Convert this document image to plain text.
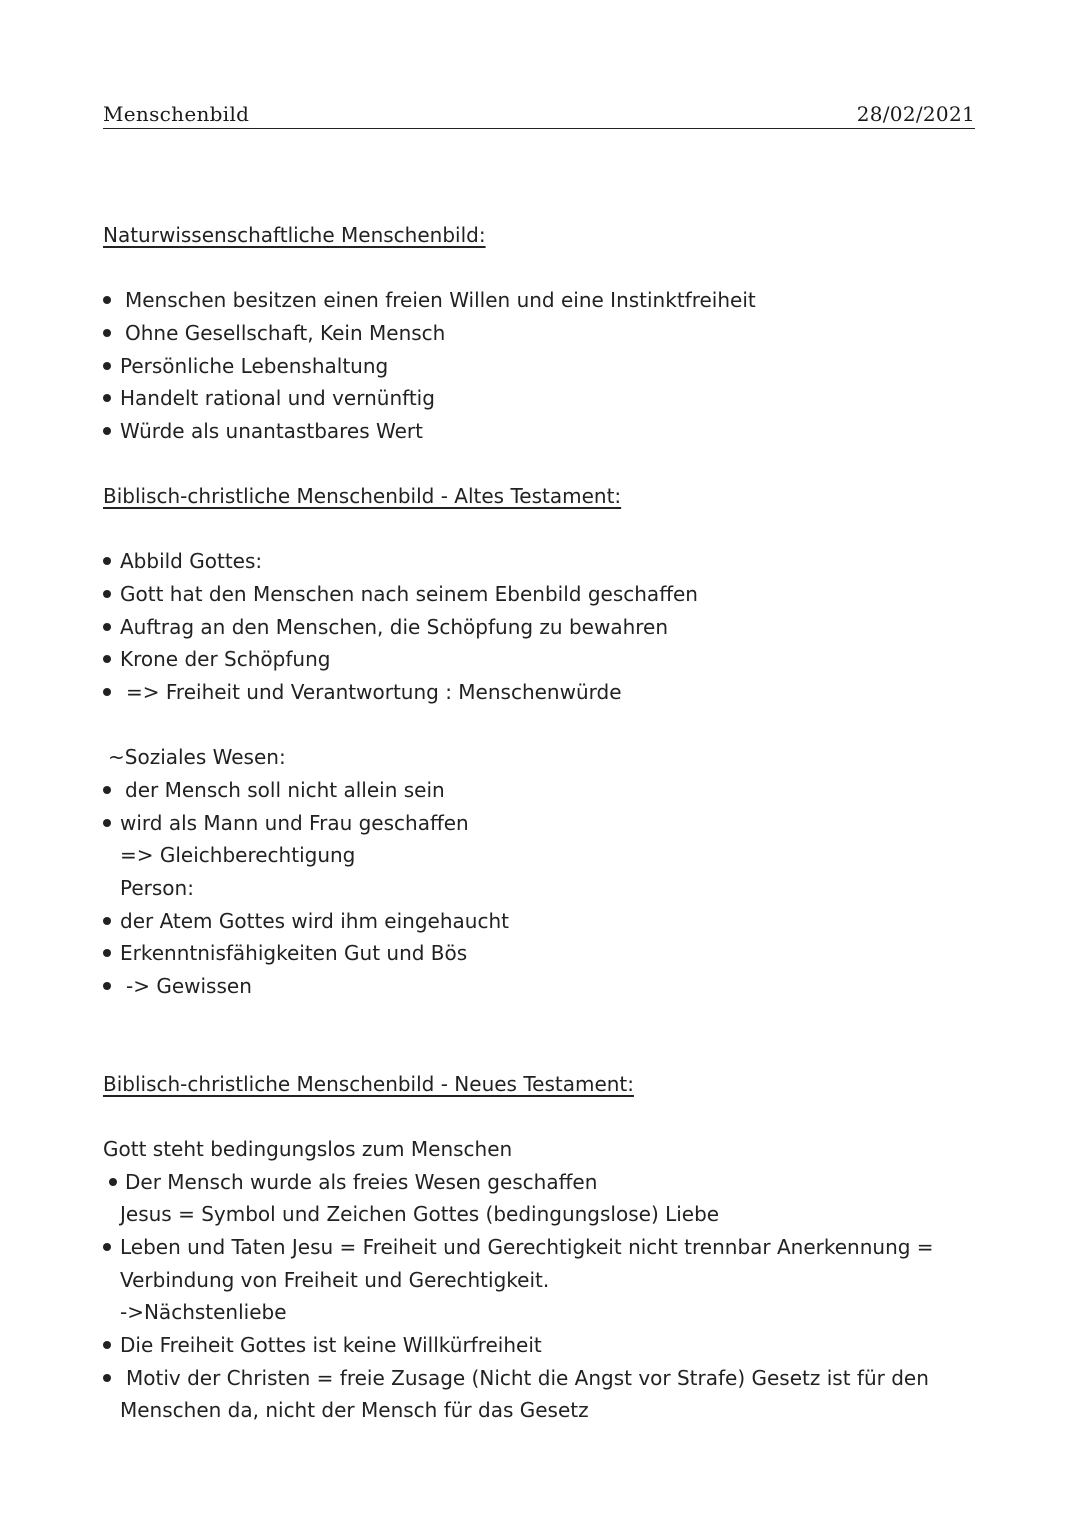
Menschenbild	28/02/2021
Naturwissenschaftliche Menschenbild:
Menschen besitzen einen freien Willen und eine Instinktfreiheit
Ohne Gesellschaft, Kein Mensch
Persönliche Lebenshaltung
Handelt rational und vernünftig
Würde als unantastbares Wert
Biblisch-christliche Menschenbild - Altes Testament:
Abbild Gottes:
Gott hat den Menschen nach seinem Ebenbild geschaffen
Auftrag an den Menschen, die Schöpfung zu bewahren
Krone der Schöpfung
=> Freiheit und Verantwortung : Menschenwürde
~Soziales Wesen:
der Mensch soll nicht allein sein
wird als Mann und Frau geschaffen
=> Gleichberechtigung
Person:
der Atem Gottes wird ihm eingehaucht
Erkenntnisfähigkeiten Gut und Bös
-> Gewissen
Biblisch-christliche Menschenbild - Neues Testament:
Gott steht bedingungslos zum Menschen
Der Mensch wurde als freies Wesen geschaffen
Jesus = Symbol und Zeichen Gottes (bedingungslose) Liebe
Leben und Taten Jesu = Freiheit und Gerechtigkeit nicht trennbar Anerkennung =
Verbindung von Freiheit und Gerechtigkeit.
->Nächstenliebe
Die Freiheit Gottes ist keine Willkürfreiheit
Motiv der Christen = freie Zusage (Nicht die Angst vor Strafe) Gesetz ist für den
Menschen da, nicht der Mensch für das Gesetz
